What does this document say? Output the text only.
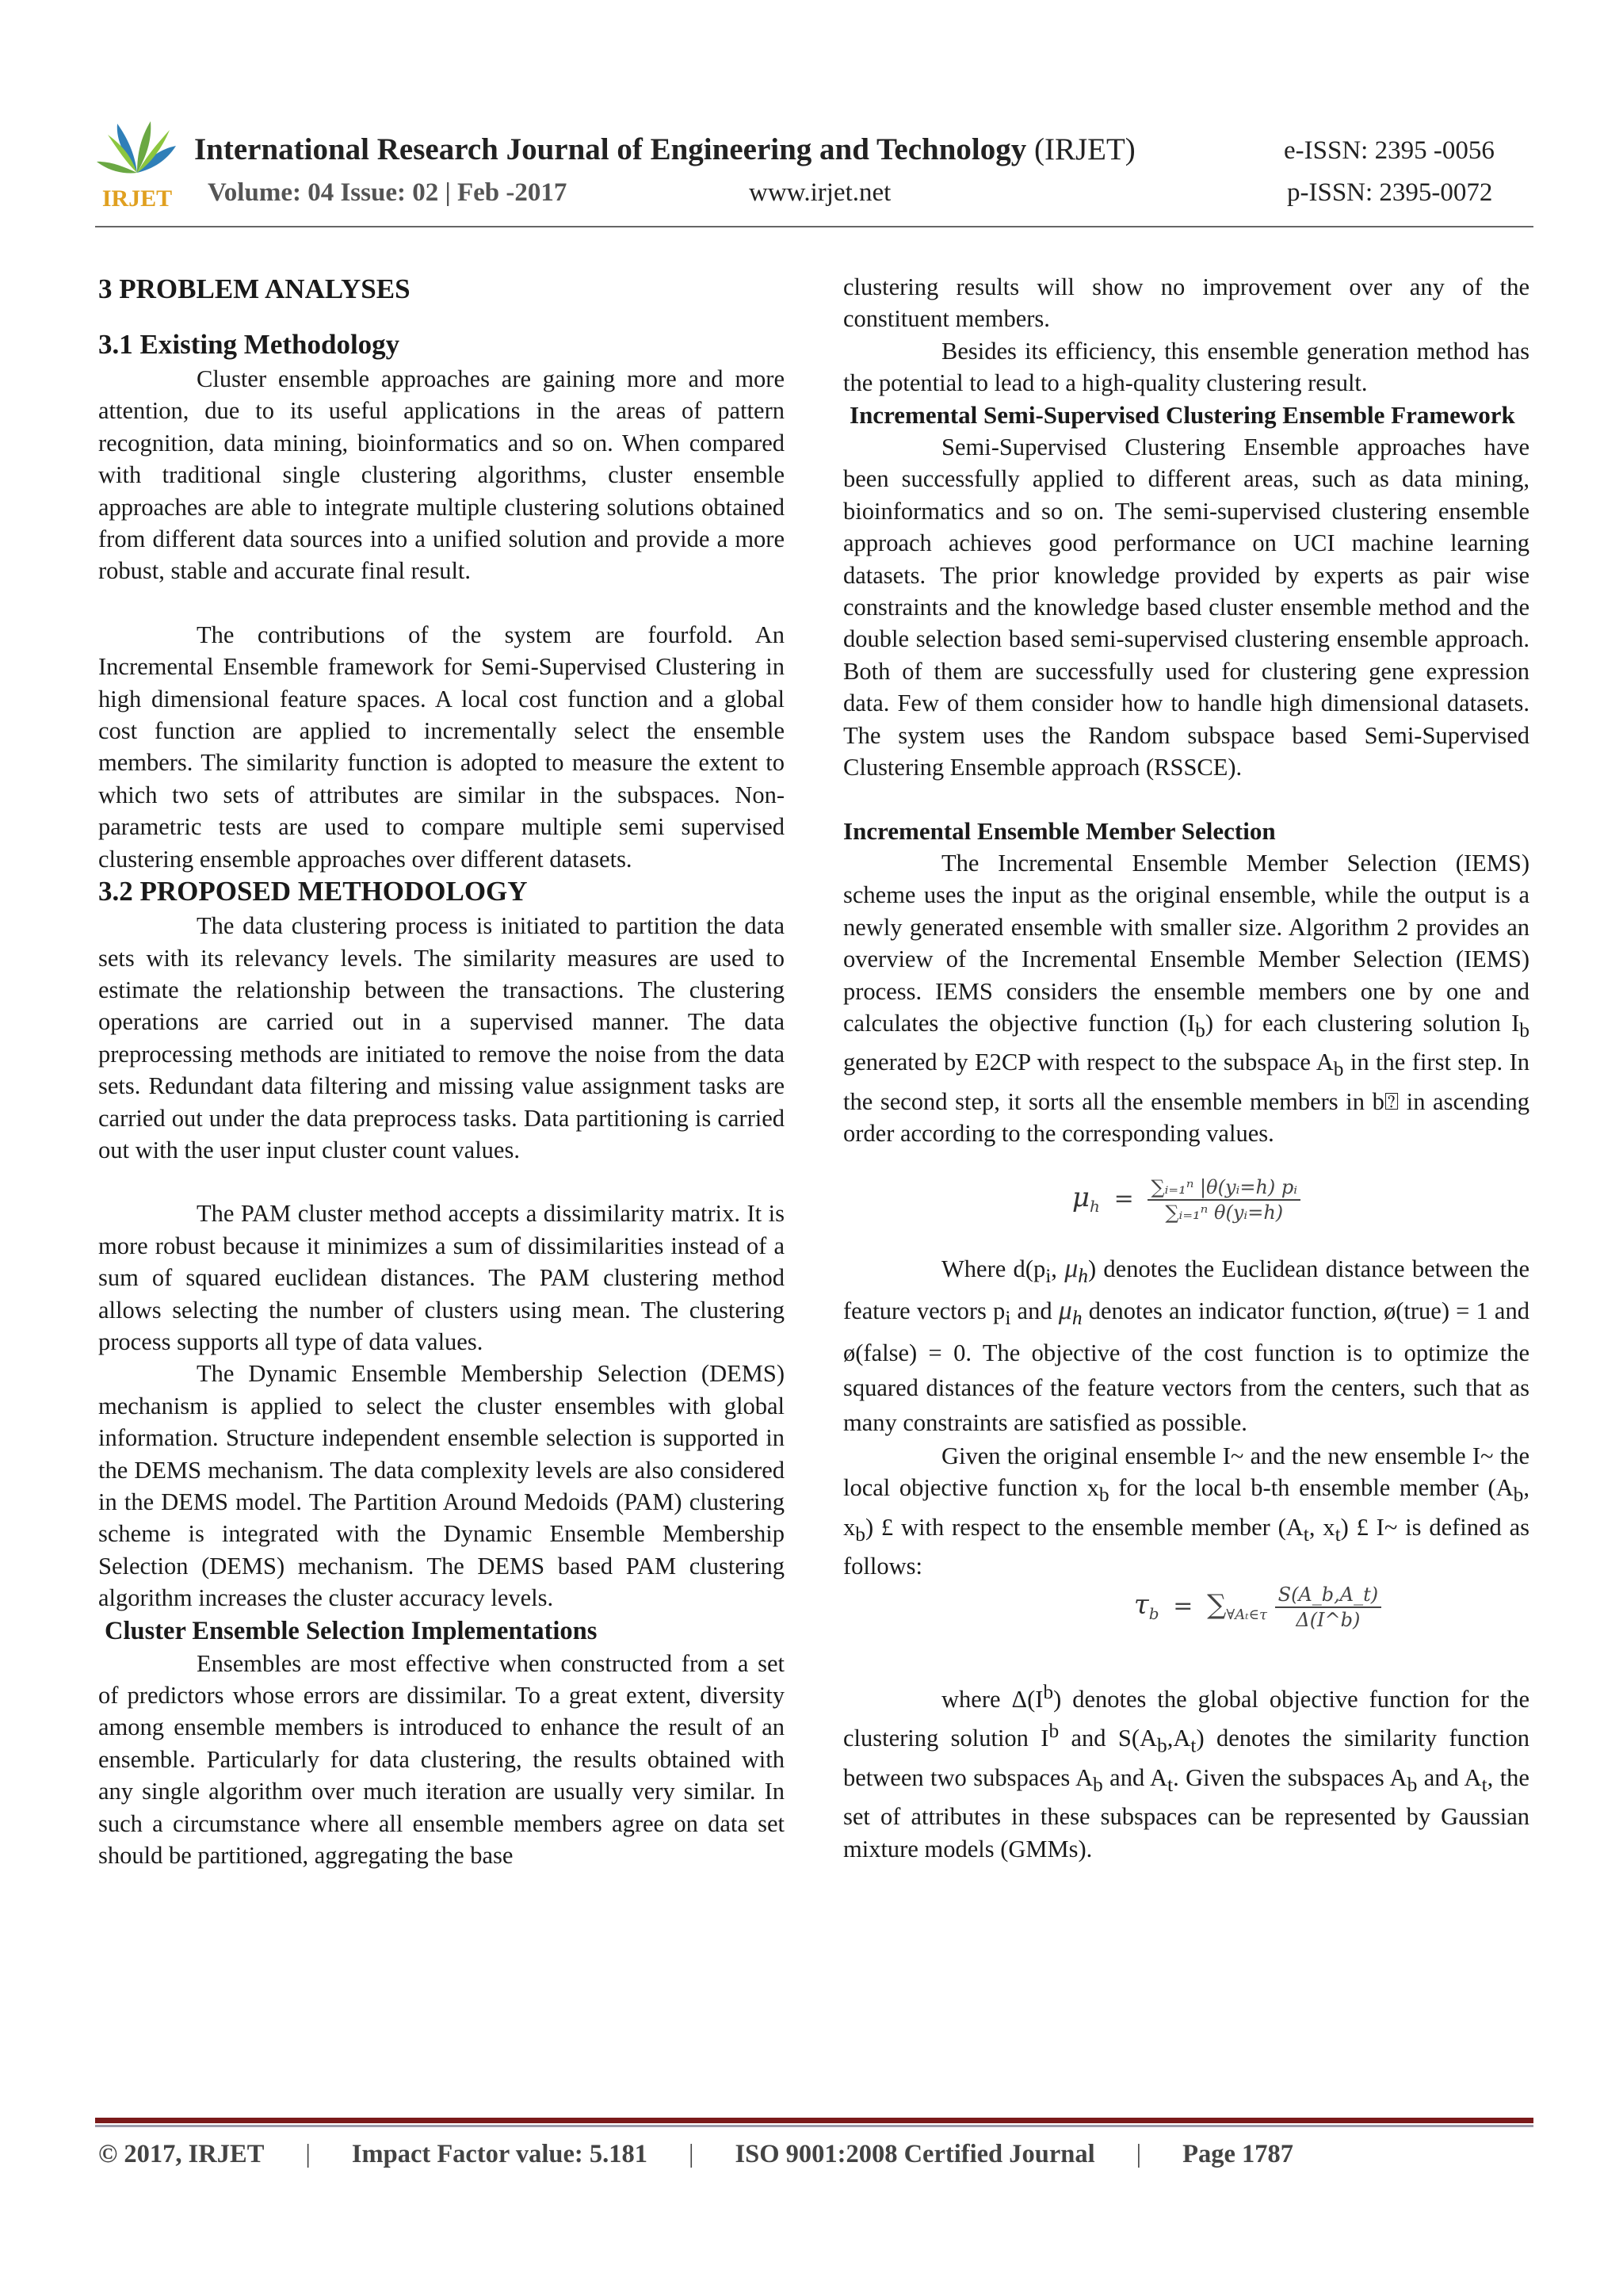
IRJET
International Research Journal of Engineering and Technology (IRJET)	e-ISSN: 2395 -0056
Volume: 04 Issue: 02 | Feb -2017	www.irjet.net	p-ISSN: 2395-0072

3 PROBLEM ANALYSES

3.1 Existing Methodology

Cluster ensemble approaches are gaining more and more attention, due to its useful applications in the areas of pattern recognition, data mining, bioinformatics and so on. When compared with traditional single clustering algorithms, cluster ensemble approaches are able to integrate multiple clustering solutions obtained from different data sources into a unified solution and provide a more robust, stable and accurate final result.

The contributions of the system are fourfold. An Incremental Ensemble framework for Semi-Supervised Clustering in high dimensional feature spaces. A local cost function and a global cost function are applied to incrementally select the ensemble members. The similarity function is adopted to measure the extent to which two sets of attributes are similar in the subspaces. Non-parametric tests are used to compare multiple semi supervised clustering ensemble approaches over different datasets.

3.2 PROPOSED METHODOLOGY

The data clustering process is initiated to partition the data sets with its relevancy levels. The similarity measures are used to estimate the relationship between the transactions. The clustering operations are carried out in a supervised manner. The data preprocessing methods are initiated to remove the noise from the data sets. Redundant data filtering and missing value assignment tasks are carried out under the data preprocess tasks. Data partitioning is carried out with the user input cluster count values.

The PAM cluster method accepts a dissimilarity matrix. It is more robust because it minimizes a sum of dissimilarities instead of a sum of squared euclidean distances. The PAM clustering method allows selecting the number of clusters using mean. The clustering process supports all type of data values.

The Dynamic Ensemble Membership Selection (DEMS) mechanism is applied to select the cluster ensembles with global information. Structure independent ensemble selection is supported in the DEMS mechanism. The data complexity levels are also considered in the DEMS model. The Partition Around Medoids (PAM) clustering scheme is integrated with the Dynamic Ensemble Membership Selection (DEMS) mechanism. The DEMS based PAM clustering algorithm increases the cluster accuracy levels.

Cluster Ensemble Selection Implementations

Ensembles are most effective when constructed from a set of predictors whose errors are dissimilar. To a great extent, diversity among ensemble members is introduced to enhance the result of an ensemble. Particularly for data clustering, the results obtained with any single algorithm over much iteration are usually very similar. In such a circumstance where all ensemble members agree on data set should be partitioned, aggregating the base

clustering results will show no improvement over any of the constituent members.

Besides its efficiency, this ensemble generation method has the potential to lead to a high-quality clustering result.

Incremental Semi-Supervised Clustering Ensemble Framework

Semi-Supervised Clustering Ensemble approaches have been successfully applied to different areas, such as data mining, bioinformatics and so on. The semi-supervised clustering ensemble approach achieves good performance on UCI machine learning datasets. The prior knowledge provided by experts as pair wise constraints and the knowledge based cluster ensemble method and the double selection based semi-supervised clustering ensemble approach. Both of them are successfully used for clustering gene expression data. Few of them consider how to handle high dimensional datasets. The system uses the Random subspace based Semi-Supervised Clustering Ensemble approach (RSSCE).

Incremental Ensemble Member Selection

The Incremental Ensemble Member Selection (IEMS) scheme uses the input as the original ensemble, while the output is a newly generated ensemble with smaller size. Algorithm 2 provides an overview of the Incremental Ensemble Member Selection (IEMS) process. IEMS considers the ensemble members one by one and calculates the objective function $(I_b)$ for each clustering solution $I_b$ generated by E2CP with respect to the subspace $A_b$ in the first step. In the second step, it sorts all the ensemble members in b⍰ in ascending order according to the corresponding values.

$\mu_h = \frac{\text{∑ᵢ₌₁ⁿ |θ(yᵢ=h) pᵢ}}{\text{∑ᵢ₌₁ⁿ θ(yᵢ=h)}}$

Where $d(p_i$, $\mu_h$) denotes the Euclidean distance between the feature vectors $p_i$ and $\mu_h$ denotes an indicator function, ø(true) = 1 and ø(false) = 0. The objective of the cost function is to optimize the squared distances of the feature vectors from the centers, such that as many constraints are satisfied as possible.

Given the original ensemble I~ and the new ensemble I~ the local objective function $x_b$ for the local b-th ensemble member ($A_b$, $x_b$) £ with respect to the ensemble member ($A_t$, $x_t$) £ I~ is defined as follows:

$\tau_b = \sum_{\forall A_t\in\tau} \frac{S(A\_b,A\_t)}{\Delta(I\^{}b)}$

where $\Delta(I^b)$ denotes the global objective function for the clustering solution $I^b$ and $S(A_b,A_t)$ denotes the similarity function between two subspaces $A_b$ and $A_t$. Given the subspaces $A_b$ and $A_t$, the set of attributes in these subspaces can be represented by Gaussian mixture models (GMMs).

© 2017, IRJET | Impact Factor value: 5.181 | ISO 9001:2008 Certified Journal | Page 1787
